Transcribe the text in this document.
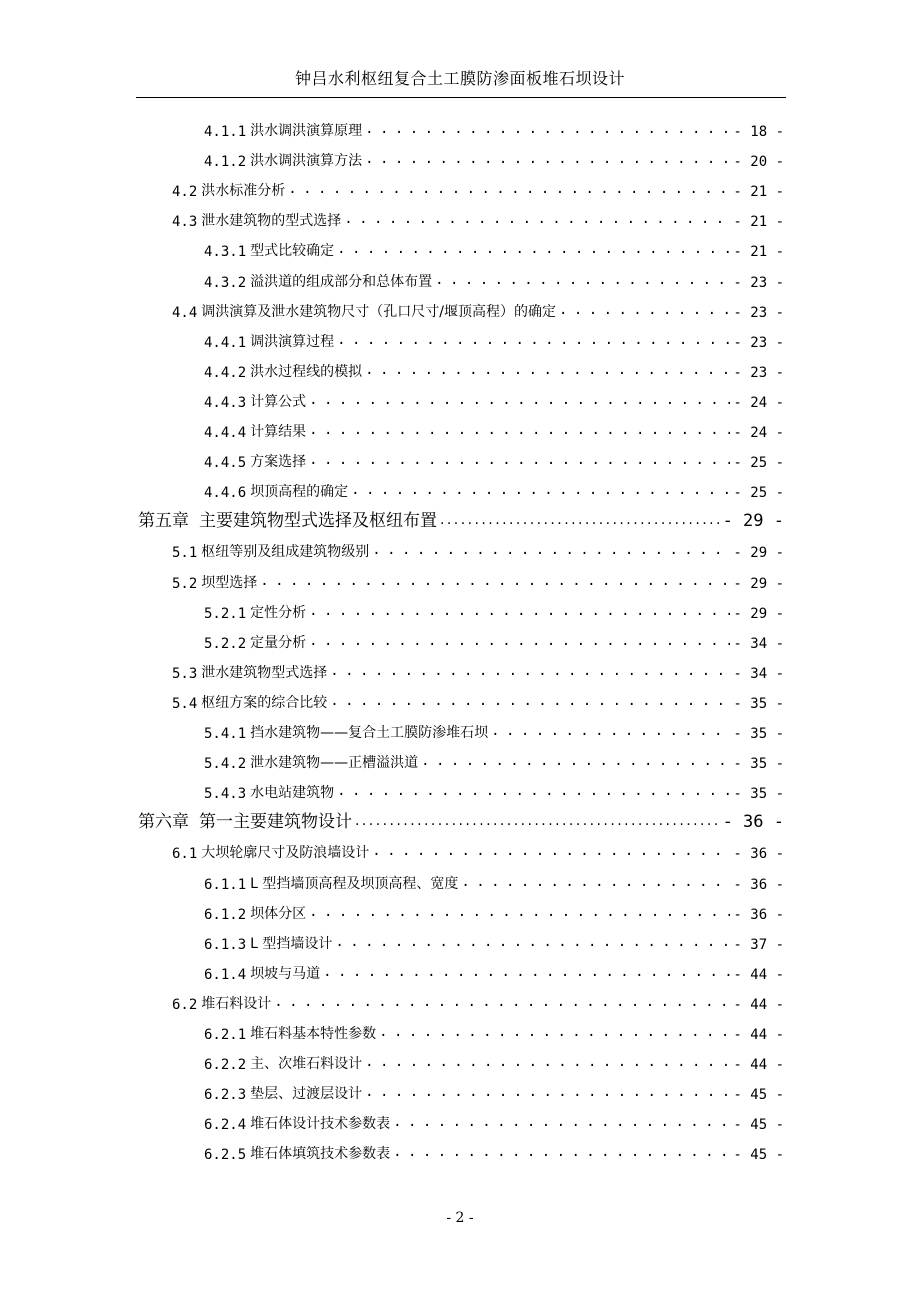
钟吕水利枢纽复合土工膜防渗面板堆石坝设计
4.1.1 洪水调洪演算原理 . . .	- 18 -
4.1.2 洪水调洪演算方法 . . .	- 20 -
4.2 洪水标准分析 . . .	- 21 -
4.3 泄水建筑物的型式选择 . . .	- 21 -
4.3.1 型式比较确定 . . .	- 21 -
4.3.2 溢洪道的组成部分和总体布置 . . .	- 23 -
4.4 调洪演算及泄水建筑物尺寸（孔口尺寸/堰顶高程）的确定 . . .	- 23 -
4.4.1 调洪演算过程 . . .	- 23 -
4.4.2 洪水过程线的模拟 . . .	- 23 -
4.4.3 计算公式 . . .	- 24 -
4.4.4 计算结果 . . .	- 24 -
4.4.5 方案选择 . . .	- 25 -
4.4.6 坝顶高程的确定 . . .	- 25 -
第五章 主要建筑物型式选择及枢纽布置 . . .	- 29 -
5.1 枢纽等别及组成建筑物级别 . . .	- 29 -
5.2 坝型选择 . . .	- 29 -
5.2.1 定性分析 . . .	- 29 -
5.2.2 定量分析 . . .	- 34 -
5.3 泄水建筑物型式选择 . . .	- 34 -
5.4 枢纽方案的综合比较 . . .	- 35 -
5.4.1 挡水建筑物——复合土工膜防渗堆石坝 . . .	- 35 -
5.4.2 泄水建筑物——正槽溢洪道 . . .	- 35 -
5.4.3 水电站建筑物 . . .	- 35 -
第六章 第一主要建筑物设计 . . .	- 36 -
6.1 大坝轮廓尺寸及防浪墙设计 . . .	- 36 -
6.1.1 L 型挡墙顶高程及坝顶高程、宽度 . . .	- 36 -
6.1.2 坝体分区 . . .	- 36 -
6.1.3 L 型挡墙设计 . . .	- 37 -
6.1.4 坝坡与马道 . . .	- 44 -
6.2 堆石料设计 . . .	- 44 -
6.2.1 堆石料基本特性参数 . . .	- 44 -
6.2.2 主、次堆石料设计 . . .	- 44 -
6.2.3 垫层、过渡层设计 . . .	- 45 -
6.2.4 堆石体设计技术参数表 . . .	- 45 -
6.2.5 堆石体填筑技术参数表 . . .	- 45 -
- 2 -
